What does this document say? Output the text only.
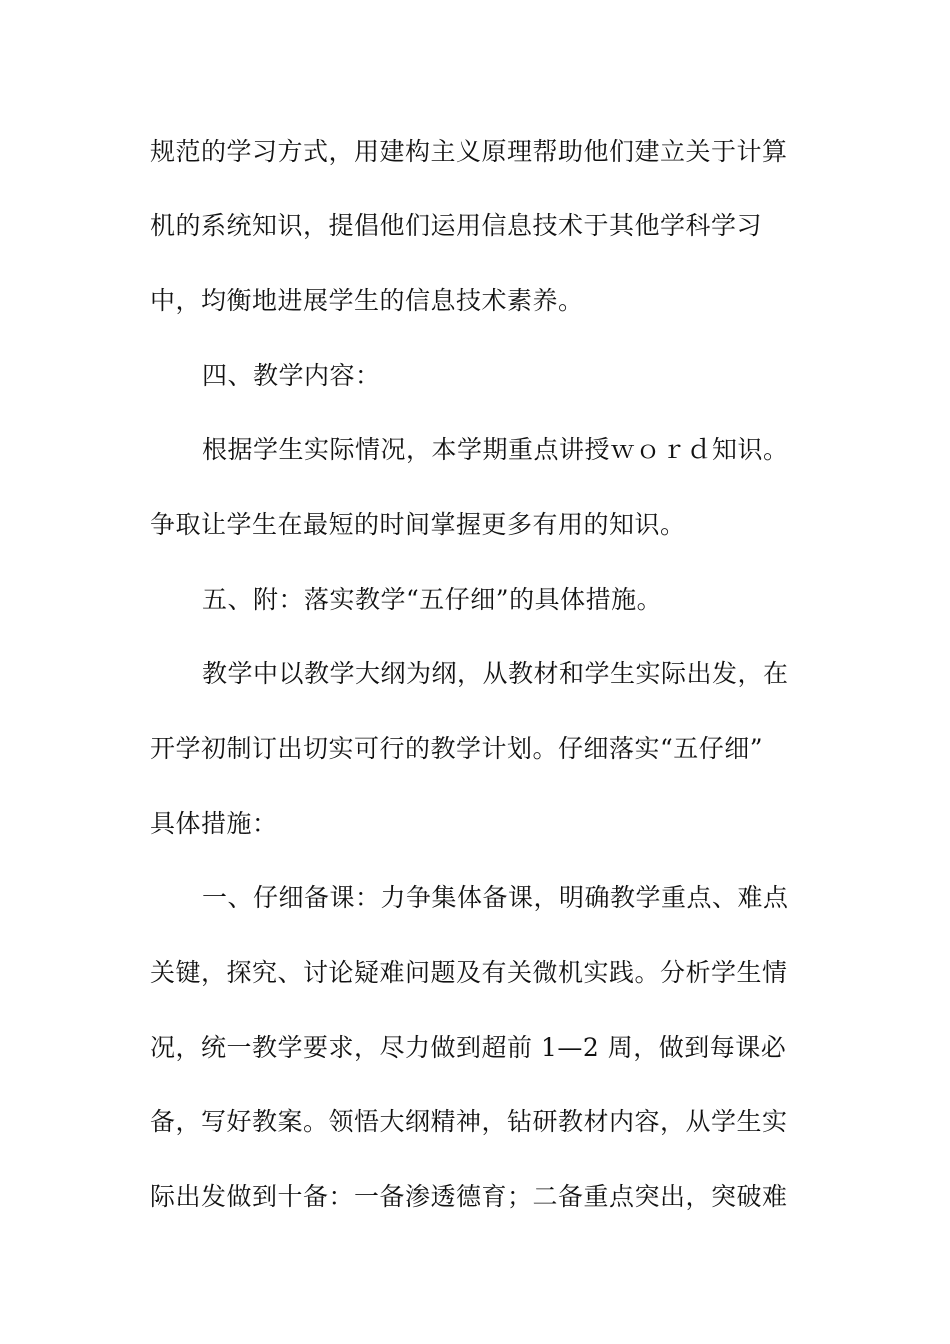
规范的学习方式，用建构主义原理帮助他们建立关于计算
机的系统知识，提倡他们运用信息技术于其他学科学习
中，均衡地进展学生的信息技术素养。
四、教学内容：
根据学生实际情况，本学期重点讲授ｗｏｒｄ知识。
争取让学生在最短的时间掌握更多有用的知识。
五、附：落实教学“五仔细”的具体措施。
教学中以教学大纲为纲，从教材和学生实际出发，在
开学初制订出切实可行的教学计划。仔细落实“五仔细”
具体措施：
一、仔细备课：力争集体备课，明确教学重点、难点
关键，探究、讨论疑难问题及有关微机实践。分析学生情
况，统一教学要求，尽力做到超前 1—2 周，做到每课必
备，写好教案。领悟大纲精神，钻研教材内容，从学生实
际出发做到十备：一备渗透德育；二备重点突出，突破难
